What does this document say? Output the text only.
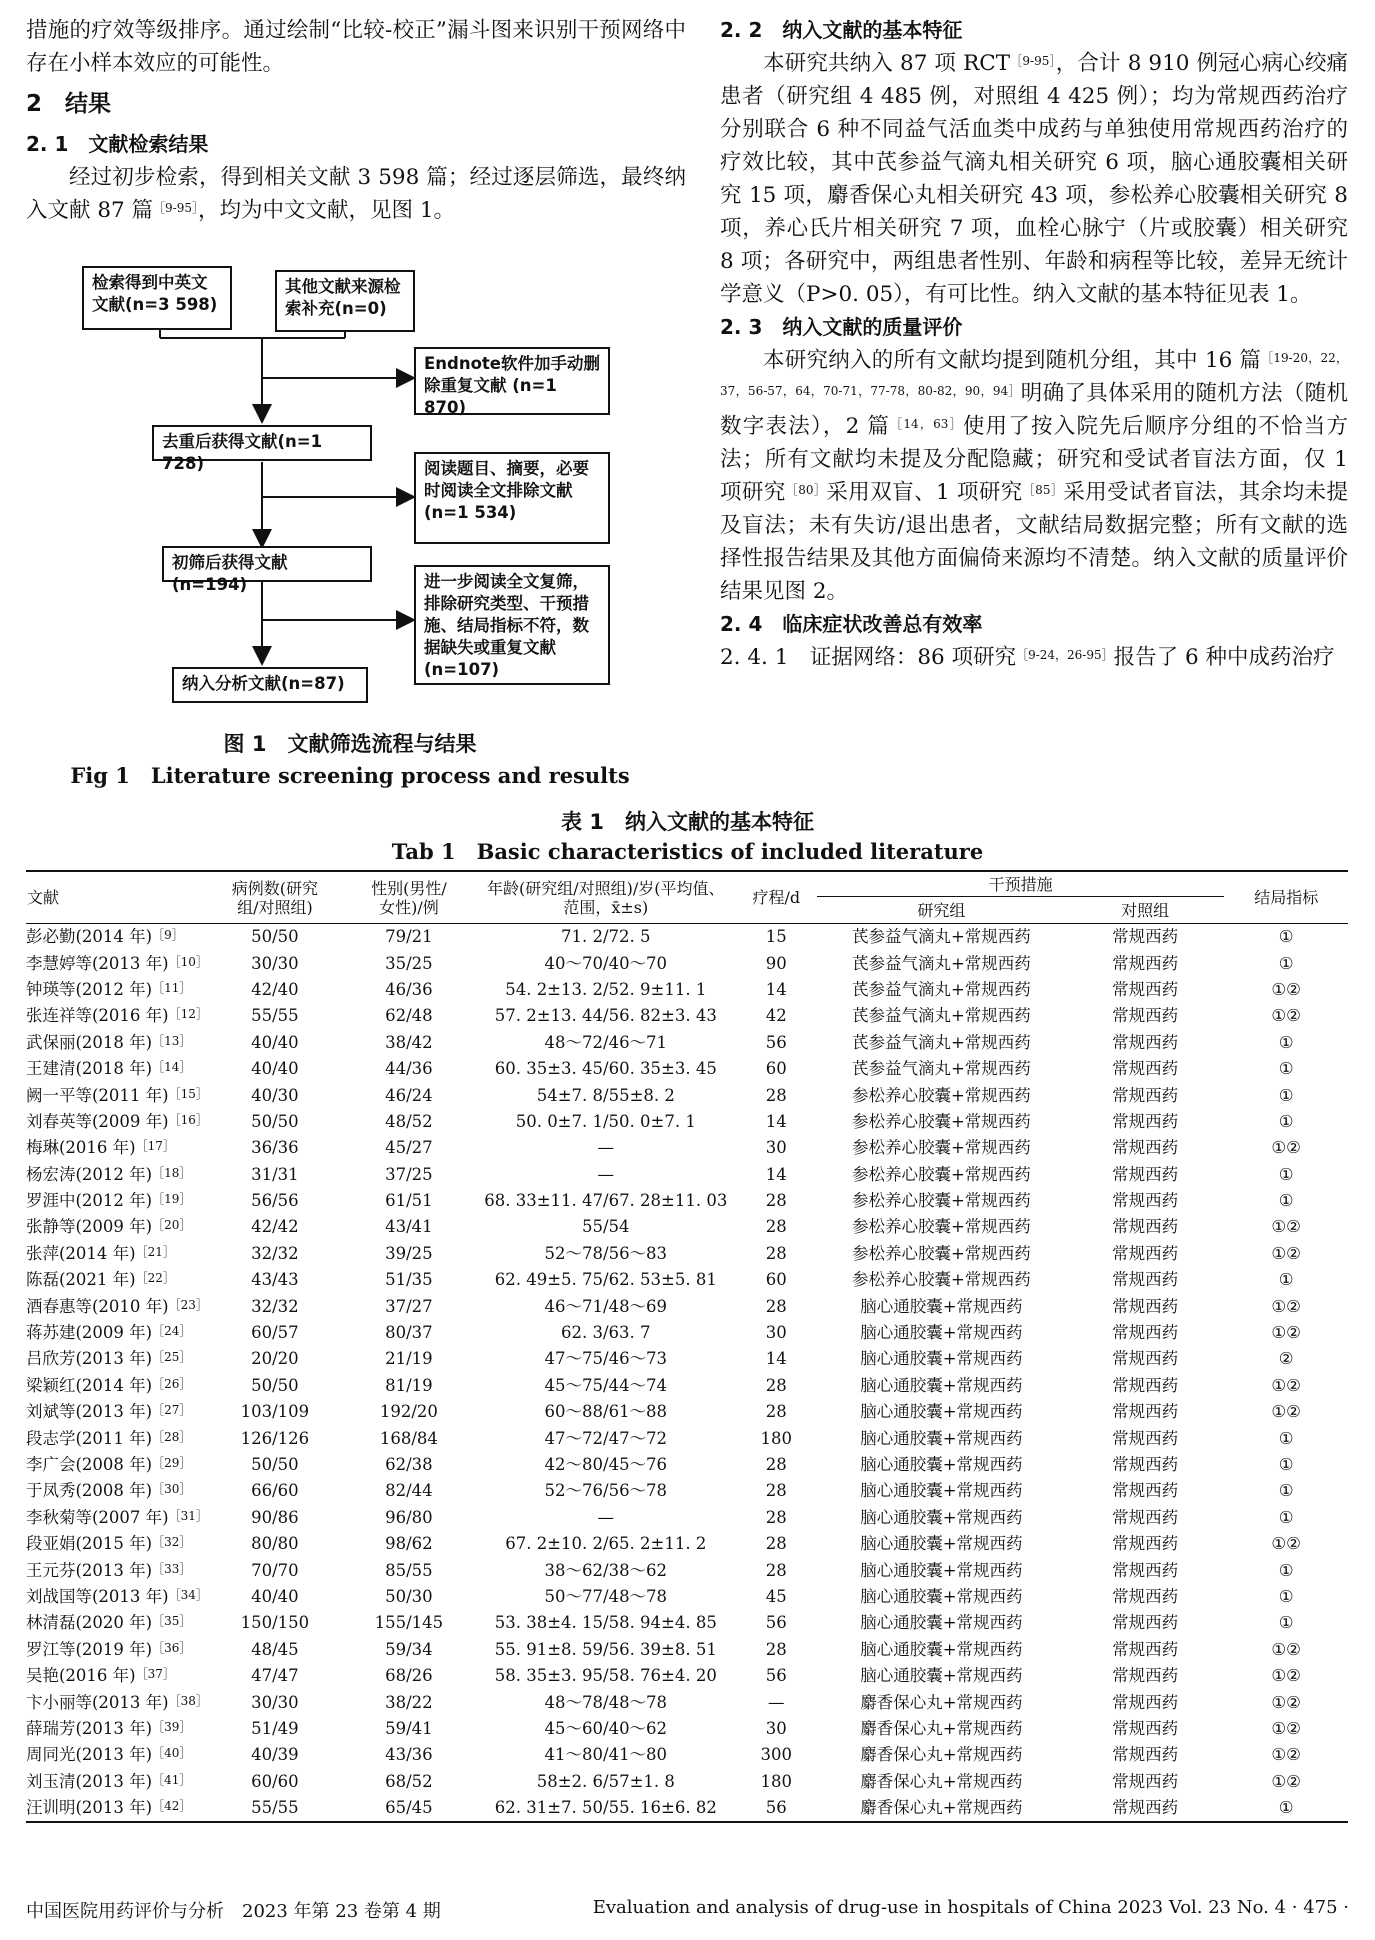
措施的疗效等级排序。通过绘制“比较-校正”漏斗图来识别干预网络中存在小样本效应的可能性。

2　结果

2. 1　文献检索结果

经过初步检索，得到相关文献 3 598 篇；经过逐层筛选，最终纳入文献 87 篇$^{[9-95]}$，均为中文文献，见图 1。

检索得到中英文文献(n=3 598)
其他文献来源检索补充(n=0)
Endnote软件加手动删除重复文献 (n=1 870)
去重后获得文献(n=1 728)	阅读题目、摘要，必要时阅读全文排除文献(n=1 534)
初筛后获得文献(n=194)	进一步阅读全文复筛，排除研究类型、干预措施、结局指标不符，数据缺失或重复文献(n=107)
纳入分析文献(n=87)
图 1　文献筛选流程与结果
Fig 1　Literature screening process and results

2. 2　纳入文献的基本特征

本研究共纳入 87 项 $RCT^{[9-95]}$，合计 8 910 例冠心病心绞痛患者（研究组 4 485 例，对照组 4 425 例）；均为常规西药治疗分别联合 6 种不同益气活血类中成药与单独使用常规西药治疗的疗效比较，其中芪参益气滴丸相关研究 6 项，脑心通胶囊相关研究 15 项，麝香保心丸相关研究 43 项，参松养心胶囊相关研究 8 项，养心氏片相关研究 7 项，血栓心脉宁（片或胶囊）相关研究 8 项；各研究中，两组患者性别、年龄和病程等比较，差异无统计学意义（P>0. 05），有可比性。纳入文献的基本特征见表 1。

2. 3　纳入文献的质量评价

本研究纳入的所有文献均提到随机分组，其中 16 篇$^{[19-20,22,37,56-57,64,70-71,77-78,80-82,90,94]}$明确了具体采用的随机方法（随机数字表法），2 篇$^{[14,63]}$使用了按入院先后顺序分组的不恰当方法；所有文献均未提及分配隐藏；研究和受试者盲法方面，仅 1 项研究$^{[80]}$采用双盲、1 项研究$^{[85]}$采用受试者盲法，其余均未提及盲法；未有失访/退出患者，文献结局数据完整；所有文献的选择性报告结果及其他方面偏倚来源均不清楚。纳入文献的质量评价结果见图 2。

2. 4　临床症状改善总有效率

2. 4. 1　证据网络：86 项研究$^{[9-24,26-95]}$报告了 6 种中成药治疗

表 1　纳入文献的基本特征
Tab 1　Basic characteristics of included literature
文献	病例数(研究组/对照组)	性别(男性/女性)/例	年龄(研究组/对照组)/岁(平均值、范围，x̄±s)	疗程/d	干预措施		结局指标
					研究组	对照组	
彭必勤(2014 年)$^{[9]}$	50/50	79/21	71. 2/72. 5	15	芪参益气滴丸+常规西药	常规西药	①
李慧婷等(2013 年)$^{[10]}$	30/30	35/25	40～70/40～70	90	芪参益气滴丸+常规西药	常规西药	①
钟瑛等(2012 年)$^{[11]}$	42/40	46/36	54. 2±13. 2/52. 9±11. 1	14	芪参益气滴丸+常规西药	常规西药	①②
张连祥等(2016 年)$^{[12]}$	55/55	62/48	57. 2±13. 44/56. 82±3. 43	42	芪参益气滴丸+常规西药	常规西药	①②
武保丽(2018 年)$^{[13]}$	40/40	38/42	48～72/46～71	56	芪参益气滴丸+常规西药	常规西药	①
王建清(2018 年)$^{[14]}$	40/40	44/36	60. 35±3. 45/60. 35±3. 45	60	芪参益气滴丸+常规西药	常规西药	①
阙一平等(2011 年)$^{[15]}$	40/30	46/24	54±7. 8/55±8. 2	28	参松养心胶囊+常规西药	常规西药	①
刘春英等(2009 年)$^{[16]}$	50/50	48/52	50. 0±7. 1/50. 0±7. 1	14	参松养心胶囊+常规西药	常规西药	①
梅琳(2016 年)$^{[17]}$	36/36	45/27	—	30	参松养心胶囊+常规西药	常规西药	①②
杨宏涛(2012 年)$^{[18]}$	31/31	37/25	—	14	参松养心胶囊+常规西药	常规西药	①
罗涯中(2012 年)$^{[19]}$	56/56	61/51	68. 33±11. 47/67. 28±11. 03	28	参松养心胶囊+常规西药	常规西药	①
张静等(2009 年)$^{[20]}$	42/42	43/41	55/54	28	参松养心胶囊+常规西药	常规西药	①②
张萍(2014 年)$^{[21]}$	32/32	39/25	52～78/56～83	28	参松养心胶囊+常规西药	常规西药	①②
陈磊(2021 年)$^{[22]}$	43/43	51/35	62. 49±5. 75/62. 53±5. 81	60	参松养心胶囊+常规西药	常规西药	①
酒春惠等(2010 年)$^{[23]}$	32/32	37/27	46～71/48～69	28	脑心通胶囊+常规西药	常规西药	①②
蒋苏建(2009 年)$^{[24]}$	60/57	80/37	62. 3/63. 7	30	脑心通胶囊+常规西药	常规西药	①②
吕欣芳(2013 年)$^{[25]}$	20/20	21/19	47～75/46～73	14	脑心通胶囊+常规西药	常规西药	②
梁颖红(2014 年)$^{[26]}$	50/50	81/19	45～75/44～74	28	脑心通胶囊+常规西药	常规西药	①②
刘斌等(2013 年)$^{[27]}$	103/109	192/20	60～88/61～88	28	脑心通胶囊+常规西药	常规西药	①②
段志学(2011 年)$^{[28]}$	126/126	168/84	47～72/47～72	180	脑心通胶囊+常规西药	常规西药	①
李广会(2008 年)$^{[29]}$	50/50	62/38	42～80/45～76	28	脑心通胶囊+常规西药	常规西药	①
于凤秀(2008 年)$^{[30]}$	66/60	82/44	52～76/56～78	28	脑心通胶囊+常规西药	常规西药	①
李秋菊等(2007 年)$^{[31]}$	90/86	96/80	—	28	脑心通胶囊+常规西药	常规西药	①
段亚娟(2015 年)$^{[32]}$	80/80	98/62	67. 2±10. 2/65. 2±11. 2	28	脑心通胶囊+常规西药	常规西药	①②
王元芬(2013 年)$^{[33]}$	70/70	85/55	38～62/38～62	28	脑心通胶囊+常规西药	常规西药	①
刘战国等(2013 年)$^{[34]}$	40/40	50/30	50～77/48～78	45	脑心通胶囊+常规西药	常规西药	①
林清磊(2020 年)$^{[35]}$	150/150	155/145	53. 38±4. 15/58. 94±4. 85	56	脑心通胶囊+常规西药	常规西药	①
罗江等(2019 年)$^{[36]}$	48/45	59/34	55. 91±8. 59/56. 39±8. 51	28	脑心通胶囊+常规西药	常规西药	①②
吴艳(2016 年)$^{[37]}$	47/47	68/26	58. 35±3. 95/58. 76±4. 20	56	脑心通胶囊+常规西药	常规西药	①②
卞小丽等(2013 年)$^{[38]}$	30/30	38/22	48～78/48～78	—	麝香保心丸+常规西药	常规西药	①②
薛瑞芳(2013 年)$^{[39]}$	51/49	59/41	45～60/40～62	30	麝香保心丸+常规西药	常规西药	①②
周同光(2013 年)$^{[40]}$	40/39	43/36	41～80/41～80	300	麝香保心丸+常规西药	常规西药	①②
刘玉清(2013 年)$^{[41]}$	60/60	68/52	58±2. 6/57±1. 8	180	麝香保心丸+常规西药	常规西药	①②
汪训明(2013 年)$^{[42]}$	55/55	65/45	62. 31±7. 50/55. 16±6. 82	56	麝香保心丸+常规西药	常规西药	①
中国医院用药评价与分析　2023 年第 23 卷第 4 期	Evaluation and analysis of drug-use in hospitals of China 2023 Vol. 23 No. 4 · 475 ·
